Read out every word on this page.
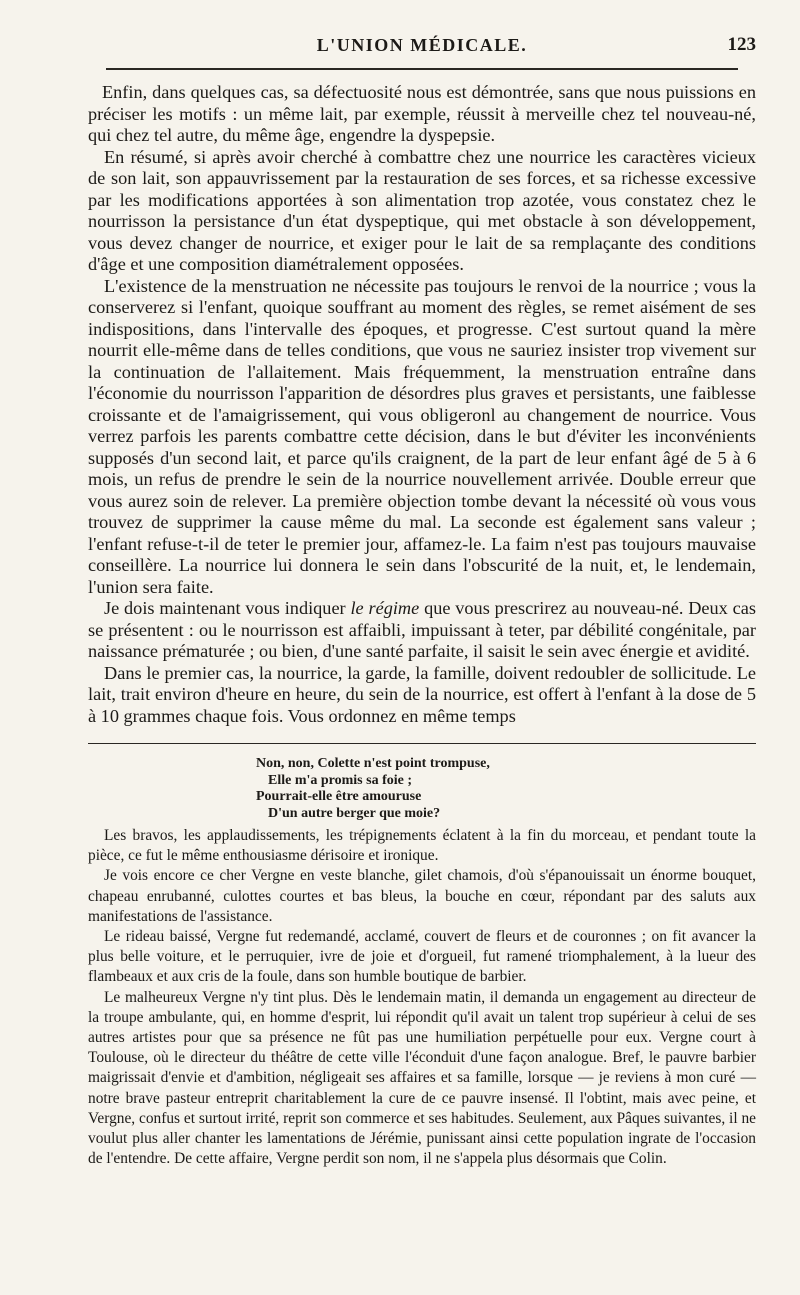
L'UNION MÉDICALE.	123

Enfin, dans quelques cas, sa défectuosité nous est démontrée, sans que nous puissions en préciser les motifs : un même lait, par exemple, réussit à merveille chez tel nouveau-né, qui chez tel autre, du même âge, engendre la dyspepsie.

En résumé, si après avoir cherché à combattre chez une nourrice les caractères vicieux de son lait, son appauvrissement par la restauration de ses forces, et sa richesse excessive par les modifications apportées à son alimentation trop azotée, vous constatez chez le nourrisson la persistance d'un état dyspeptique, qui met obstacle à son développement, vous devez changer de nourrice, et exiger pour le lait de sa remplaçante des conditions d'âge et une composition diamétralement opposées.

L'existence de la menstruation ne nécessite pas toujours le renvoi de la nourrice ; vous la conserverez si l'enfant, quoique souffrant au moment des règles, se remet aisément de ses indispositions, dans l'intervalle des époques, et progresse. C'est surtout quand la mère nourrit elle-même dans de telles conditions, que vous ne sauriez insister trop vivement sur la continuation de l'allaitement. Mais fréquemment, la menstruation entraîne dans l'économie du nourrisson l'apparition de désordres plus graves et persistants, une faiblesse croissante et de l'amaigrissement, qui vous obligeronl au changement de nourrice. Vous verrez parfois les parents combattre cette décision, dans le but d'éviter les inconvénients supposés d'un second lait, et parce qu'ils craignent, de la part de leur enfant âgé de 5 à 6 mois, un refus de prendre le sein de la nourrice nouvellement arrivée. Double erreur que vous aurez soin de relever. La première objection tombe devant la nécessité où vous vous trouvez de supprimer la cause même du mal. La seconde est également sans valeur ; l'enfant refuse-t-il de teter le premier jour, affamez-le. La faim n'est pas toujours mauvaise conseillère. La nourrice lui donnera le sein dans l'obscurité de la nuit, et, le lendemain, l'union sera faite.

Je dois maintenant vous indiquer le régime que vous prescrirez au nouveau-né. Deux cas se présentent : ou le nourrisson est affaibli, impuissant à teter, par débilité congénitale, par naissance prématurée ; ou bien, d'une santé parfaite, il saisit le sein avec énergie et avidité.

Dans le premier cas, la nourrice, la garde, la famille, doivent redoubler de sollicitude. Le lait, trait environ d'heure en heure, du sein de la nourrice, est offert à l'enfant à la dose de 5 à 10 grammes chaque fois. Vous ordonnez en même temps

Non, non, Colette n'est point trompuse,
Elle m'a promis sa foie ;
Pourrait-elle être amouruse
D'un autre berger que moie?

Les bravos, les applaudissements, les trépignements éclatent à la fin du morceau, et pendant toute la pièce, ce fut le même enthousiasme dérisoire et ironique.

Je vois encore ce cher Vergne en veste blanche, gilet chamois, d'où s'épanouissait un énorme bouquet, chapeau enrubanné, culottes courtes et bas bleus, la bouche en cœur, répondant par des saluts aux manifestations de l'assistance.

Le rideau baissé, Vergne fut redemandé, acclamé, couvert de fleurs et de couronnes ; on fit avancer la plus belle voiture, et le perruquier, ivre de joie et d'orgueil, fut ramené triomphalement, à la lueur des flambeaux et aux cris de la foule, dans son humble boutique de barbier.

Le malheureux Vergne n'y tint plus. Dès le lendemain matin, il demanda un engagement au directeur de la troupe ambulante, qui, en homme d'esprit, lui répondit qu'il avait un talent trop supérieur à celui de ses autres artistes pour que sa présence ne fût pas une humiliation perpétuelle pour eux. Vergne court à Toulouse, où le directeur du théâtre de cette ville l'éconduit d'une façon analogue. Bref, le pauvre barbier maigrissait d'envie et d'ambition, négligeait ses affaires et sa famille, lorsque — je reviens à mon curé — notre brave pasteur entreprit charitablement la cure de ce pauvre insensé. Il l'obtint, mais avec peine, et Vergne, confus et surtout irrité, reprit son commerce et ses habitudes. Seulement, aux Pâques suivantes, il ne voulut plus aller chanter les lamentations de Jérémie, punissant ainsi cette population ingrate de l'occasion de l'entendre. De cette affaire, Vergne perdit son nom, il ne s'appela plus désormais que Colin.
